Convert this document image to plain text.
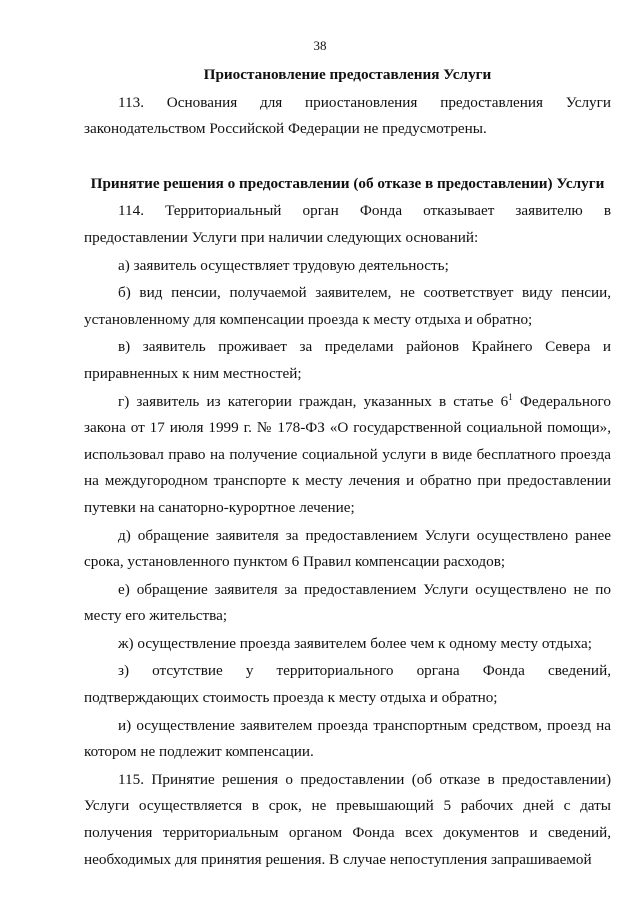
38

Приостановление предоставления Услуги

113. Основания для приостановления предоставления Услуги законодательством Российской Федерации не предусмотрены.

Принятие решения о предоставлении (об отказе в предоставлении) Услуги

114. Территориальный орган Фонда отказывает заявителю в предоставлении Услуги при наличии следующих оснований:

а) заявитель осуществляет трудовую деятельность;

б) вид пенсии, получаемой заявителем, не соответствует виду пенсии, установленному для компенсации проезда к месту отдыха и обратно;

в) заявитель проживает за пределами районов Крайнего Севера и приравненных к ним местностей;

г) заявитель из категории граждан, указанных в статье $6^1$ Федерального закона от 17 июля 1999 г. № 178-ФЗ «О государственной социальной помощи», использовал право на получение социальной услуги в виде бесплатного проезда на междугородном транспорте к месту лечения и обратно при предоставлении путевки на санаторно-курортное лечение;

д) обращение заявителя за предоставлением Услуги осуществлено ранее срока, установленного пунктом 6 Правил компенсации расходов;

е) обращение заявителя за предоставлением Услуги осуществлено не по месту его жительства;

ж) осуществление проезда заявителем более чем к одному месту отдыха;

з) отсутствие у территориального органа Фонда сведений, подтверждающих стоимость проезда к месту отдыха и обратно;

и) осуществление заявителем проезда транспортным средством, проезд на котором не подлежит компенсации.

115. Принятие решения о предоставлении (об отказе в предоставлении) Услуги осуществляется в срок, не превышающий 5 рабочих дней с даты получения территориальным органом Фонда всех документов и сведений, необходимых для принятия решения. В случае непоступления запрашиваемой
